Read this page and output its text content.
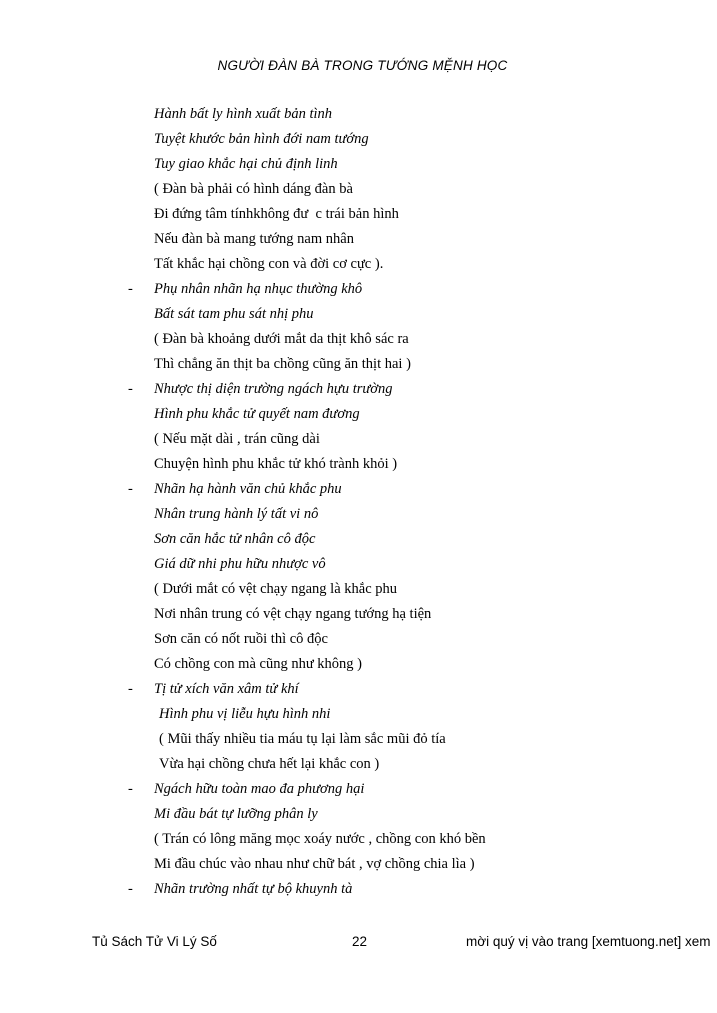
NGƯỜI ĐÀN BÀ TRONG TƯỚNG MỆNH HỌC
Hành bất ly hình xuất bản tình
Tuyệt khước bản hình đới nam tướng
Tuy giao khắc hại chủ định linh
( Đàn bà phải có hình dáng đàn bà
Đi đứng tâm tínhkhông đư  c trái bản hình
Nếu đàn bà mang tướng nam nhân
Tất khắc hại chồng con và đời cơ cực ).
- Phụ nhân nhãn hạ nhục thường khô
Bất sát tam phu sát nhị phu
( Đàn bà khoảng dưới mắt da thịt khô sác ra
Thì chẳng ăn thịt ba chồng cũng ăn thịt hai )
- Nhược thị diện trường ngách hựu trường
Hình phu khắc tử quyết nam đương
( Nếu mặt dài , trán cũng dài
Chuyện hình phu khắc tử khó trành khỏi )
- Nhãn hạ hành văn chủ khắc phu
Nhân trung hành lý tất vi nô
Sơn căn hắc tử nhân cô độc
Giá dữ nhi phu hữu nhược vô
( Dưới mắt có vệt chạy ngang là khắc phu
Nơi nhân trung có vệt chạy ngang tướng hạ tiện
Sơn căn có nốt ruồi thì cô độc
Có chồng con mà cũng như không )
- Tị tử xích văn xâm tử khí
Hình phu vị liễu hựu hình nhi
( Mũi thấy nhiều tia máu tụ lại làm sắc mũi đỏ tía
Vừa hại chồng chưa hết lại khắc con )
- Ngách hữu toàn mao đa phương hại
Mi đầu bát tự lưỡng phân ly
( Trán có lông măng mọc xoáy nước , chồng con khó bền
Mi đầu chúc vào nhau như chữ bát , vợ chồng chia lìa )
- Nhãn trường nhất tự bộ khuynh tà
Tủ Sách Tử Vi Lý Số	22	mời quý vị vào trang [xemtuong.net] xem
